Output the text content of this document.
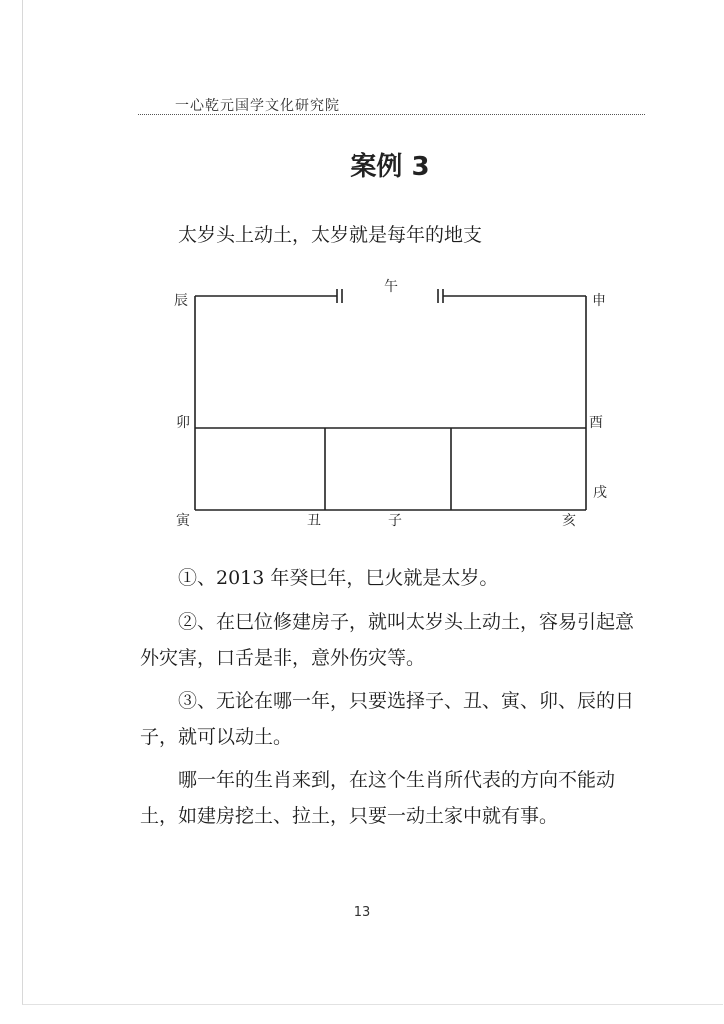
一心乾元国学文化研究院
案例 3
太岁头上动土，太岁就是每年的地支
辰
午
申
卯	酉
戌
寅	丑	子	亥
①、2013 年癸巳年，巳火就是太岁。
②、在巳位修建房子，就叫太岁头上动土，容易引起意外灾害，口舌是非，意外伤灾等。
③、无论在哪一年，只要选择子、丑、寅、卯、辰的日子，就可以动土。
哪一年的生肖来到，在这个生肖所代表的方向不能动土，如建房挖土、拉土，只要一动土家中就有事。
13
